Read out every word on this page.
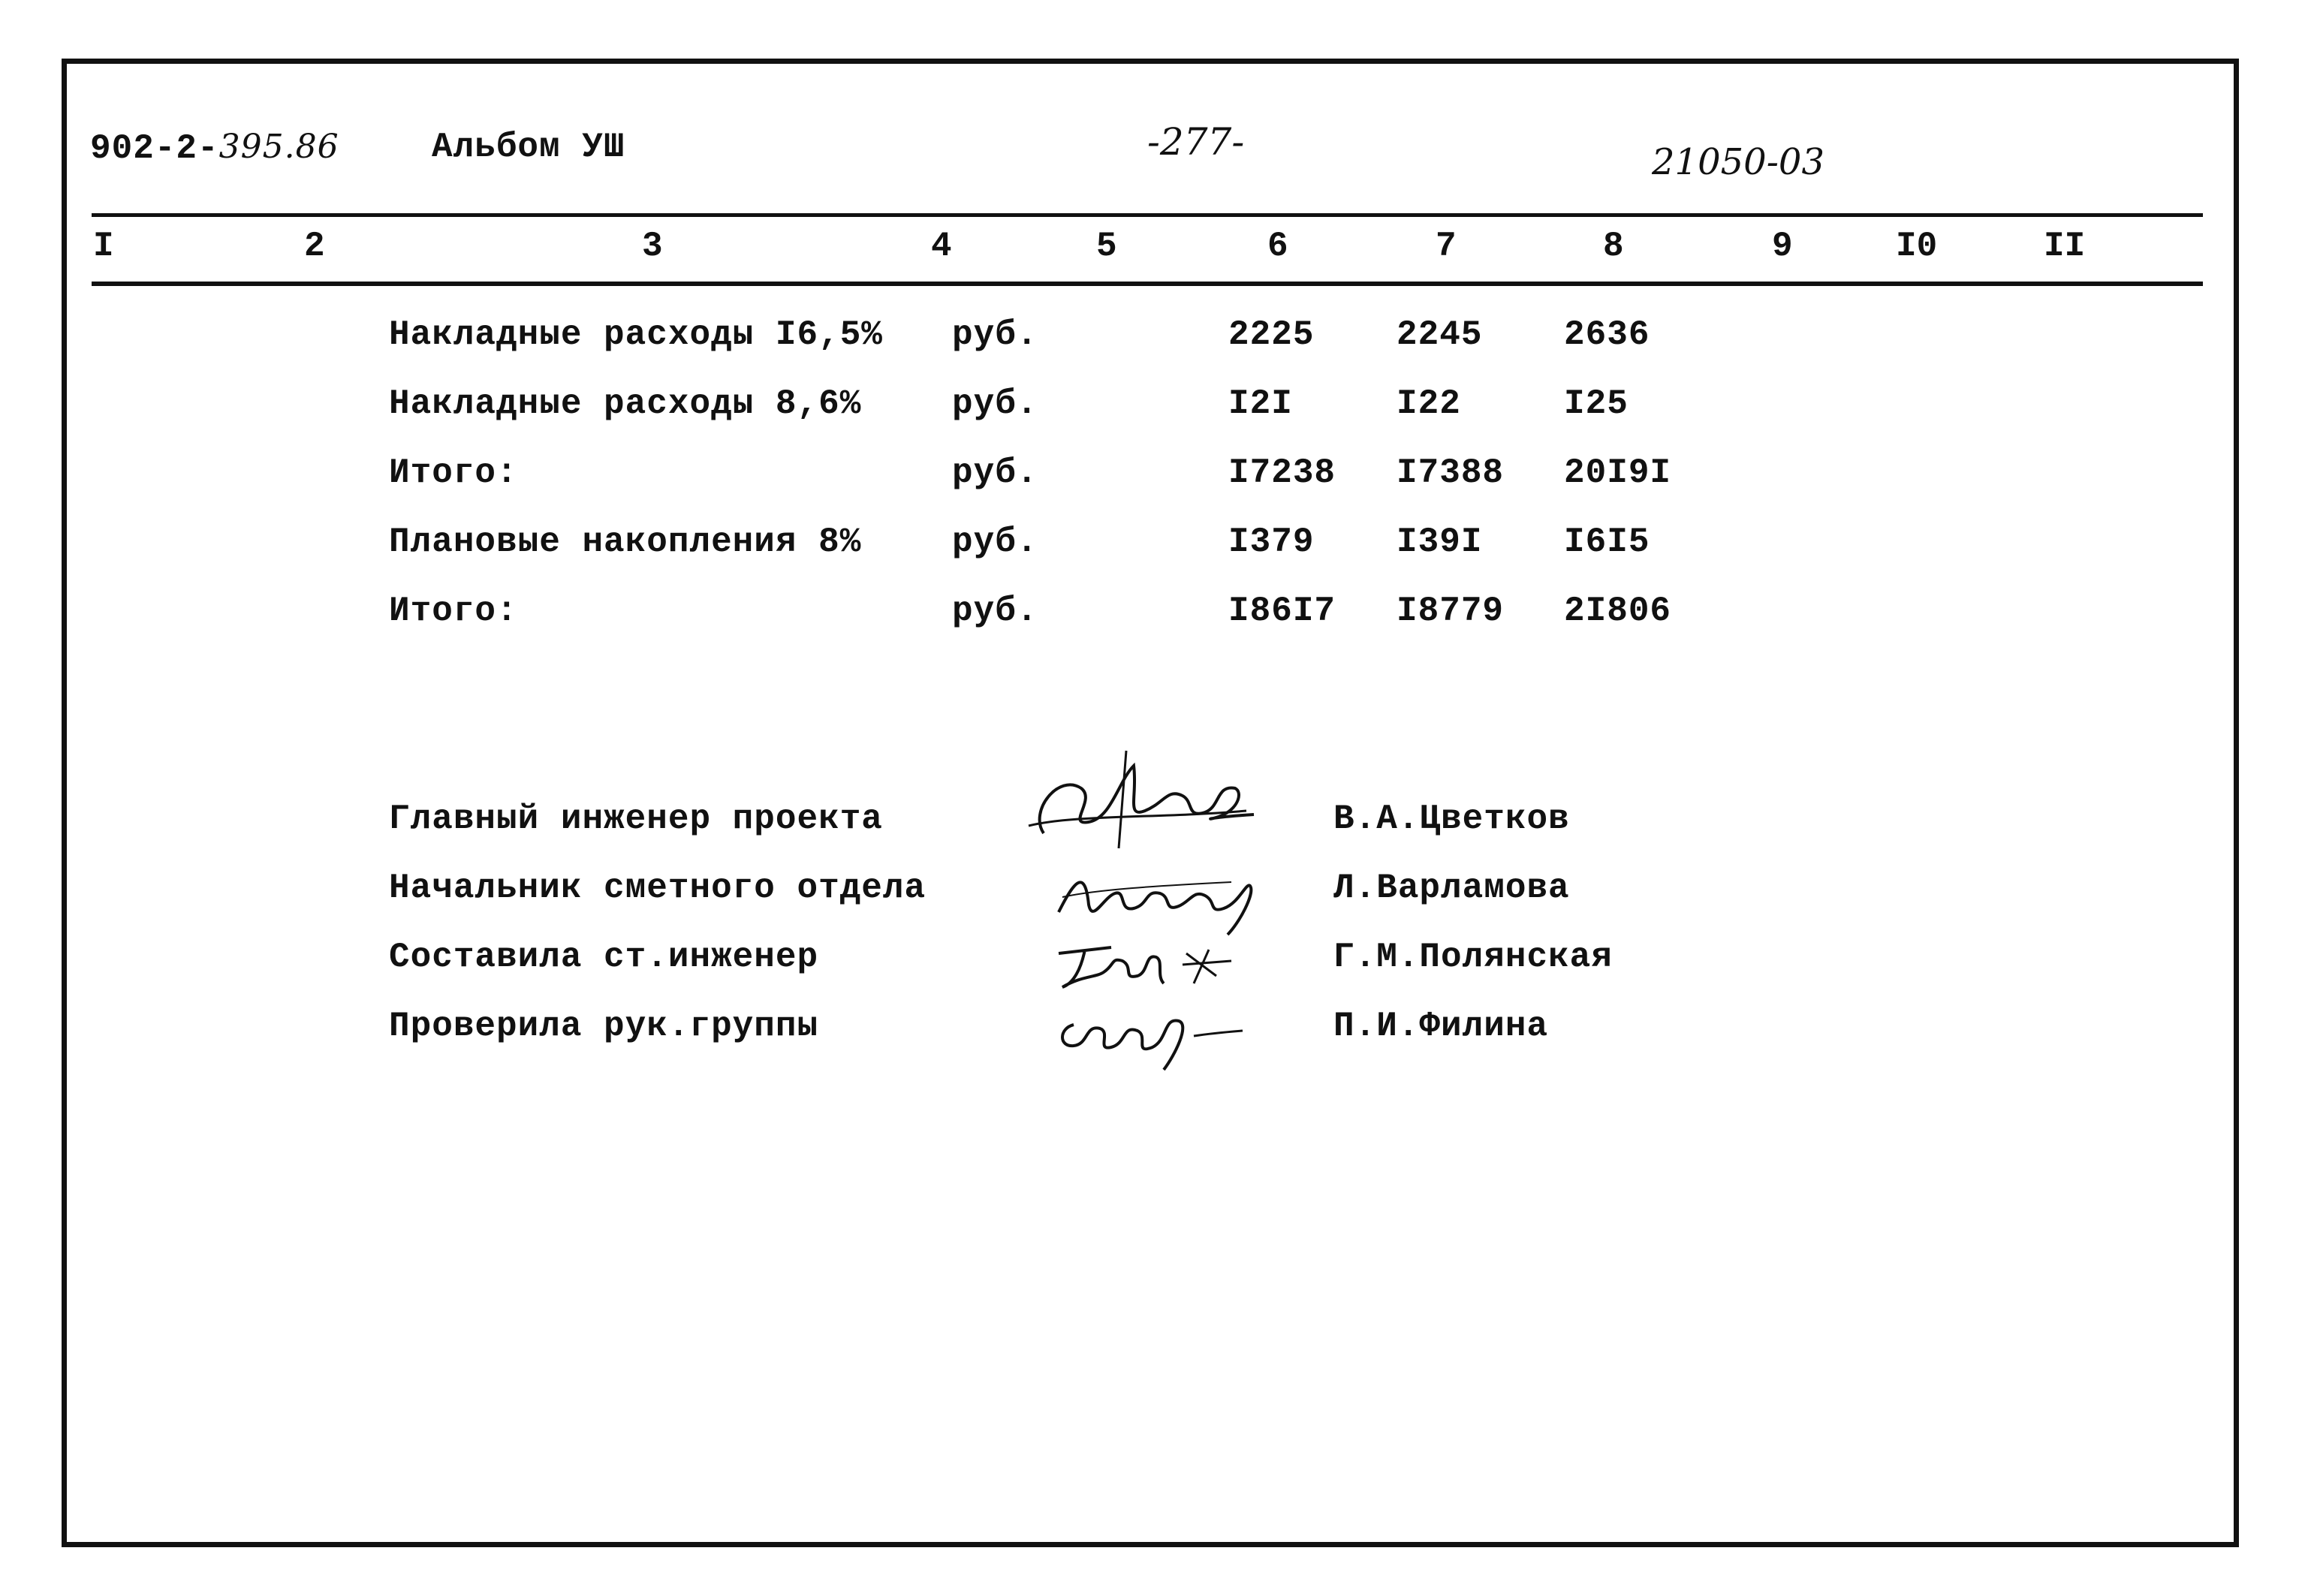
902-2-395.86	Альбом УШ	-277-	21050-03
I	2	3	4	5	6	7	8	9	I0	II
Накладные расходы I6,5% руб.	2225 2245 2636
Накладные расходы 8,6%	руб.	I2I	I22	I25
Итого:	руб.	I7238 I7388 20I9I
Плановые накопления 8%	руб.	I379 I39I I6I5
Итого:	руб.	I86I7 I8779 2I806
Главный инженер проекта	В.А.Цветков
Начальник сметного отдела	Л.Варламова
Составила ст.инженер	Г.М.Полянская
Проверила рук.группы	П.И.Филина
